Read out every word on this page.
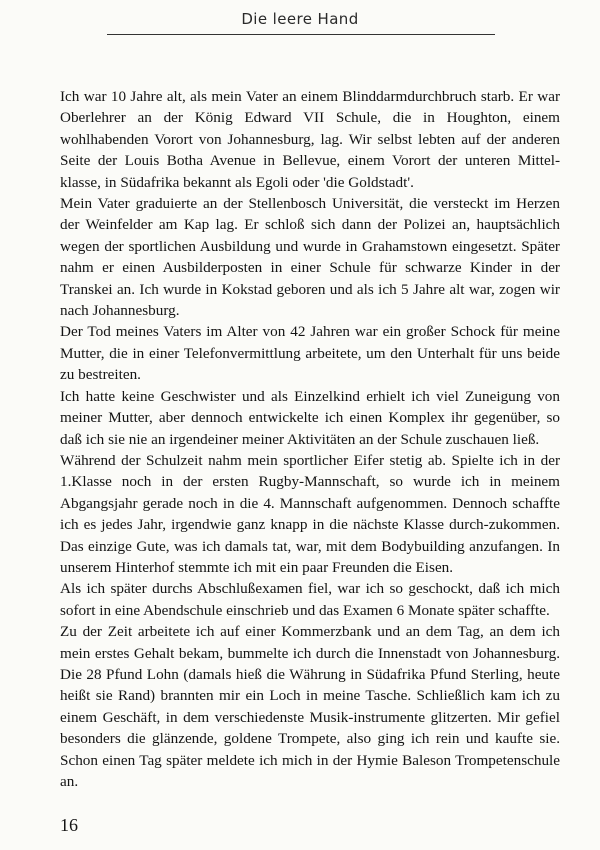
Die leere Hand

Ich war 10 Jahre alt, als mein Vater an einem Blinddarmdurchbruch starb. Er war Oberlehrer an der König Edward VII Schule, die in Houghton, einem wohlhabenden Vorort von Johannesburg, lag. Wir selbst lebten auf der anderen Seite der Louis Botha Avenue in Bellevue, einem Vorort der unteren Mittel-klasse, in Südafrika bekannt als Egoli oder 'die Goldstadt'.

Mein Vater graduierte an der Stellenbosch Universität, die versteckt im Herzen der Weinfelder am Kap lag. Er schloß sich dann der Polizei an, hauptsächlich wegen der sportlichen Ausbildung und wurde in Grahamstown eingesetzt. Später nahm er einen Ausbilderposten in einer Schule für schwarze Kinder in der Transkei an. Ich wurde in Kokstad geboren und als ich 5 Jahre alt war, zogen wir nach Johannesburg.

Der Tod meines Vaters im Alter von 42 Jahren war ein großer Schock für meine Mutter, die in einer Telefonvermittlung arbeitete, um den Unterhalt für uns beide zu bestreiten.

Ich hatte keine Geschwister und als Einzelkind erhielt ich viel Zuneigung von meiner Mutter, aber dennoch entwickelte ich einen Komplex ihr gegenüber, so daß ich sie nie an irgendeiner meiner Aktivitäten an der Schule zuschauen ließ.

Während der Schulzeit nahm mein sportlicher Eifer stetig ab. Spielte ich in der 1.Klasse noch in der ersten Rugby-Mannschaft, so wurde ich in meinem Abgangsjahr gerade noch in die 4. Mannschaft aufgenommen. Dennoch schaffte ich es jedes Jahr, irgendwie ganz knapp in die nächste Klasse durch-zukommen. Das einzige Gute, was ich damals tat, war, mit dem Bodybuilding anzufangen. In unserem Hinterhof stemmte ich mit ein paar Freunden die Eisen.

Als ich später durchs Abschlußexamen fiel, war ich so geschockt, daß ich mich sofort in eine Abendschule einschrieb und das Examen 6 Monate später schaffte.

Zu der Zeit arbeitete ich auf einer Kommerzbank und an dem Tag, an dem ich mein erstes Gehalt bekam, bummelte ich durch die Innenstadt von Johannesburg. Die 28 Pfund Lohn (damals hieß die Währung in Südafrika Pfund Sterling, heute heißt sie Rand) brannten mir ein Loch in meine Tasche. Schließlich kam ich zu einem Geschäft, in dem verschiedenste Musik-instrumente glitzerten. Mir gefiel besonders die glänzende, goldene Trompete, also ging ich rein und kaufte sie. Schon einen Tag später meldete ich mich in der Hymie Baleson Trompetenschule an.

16
